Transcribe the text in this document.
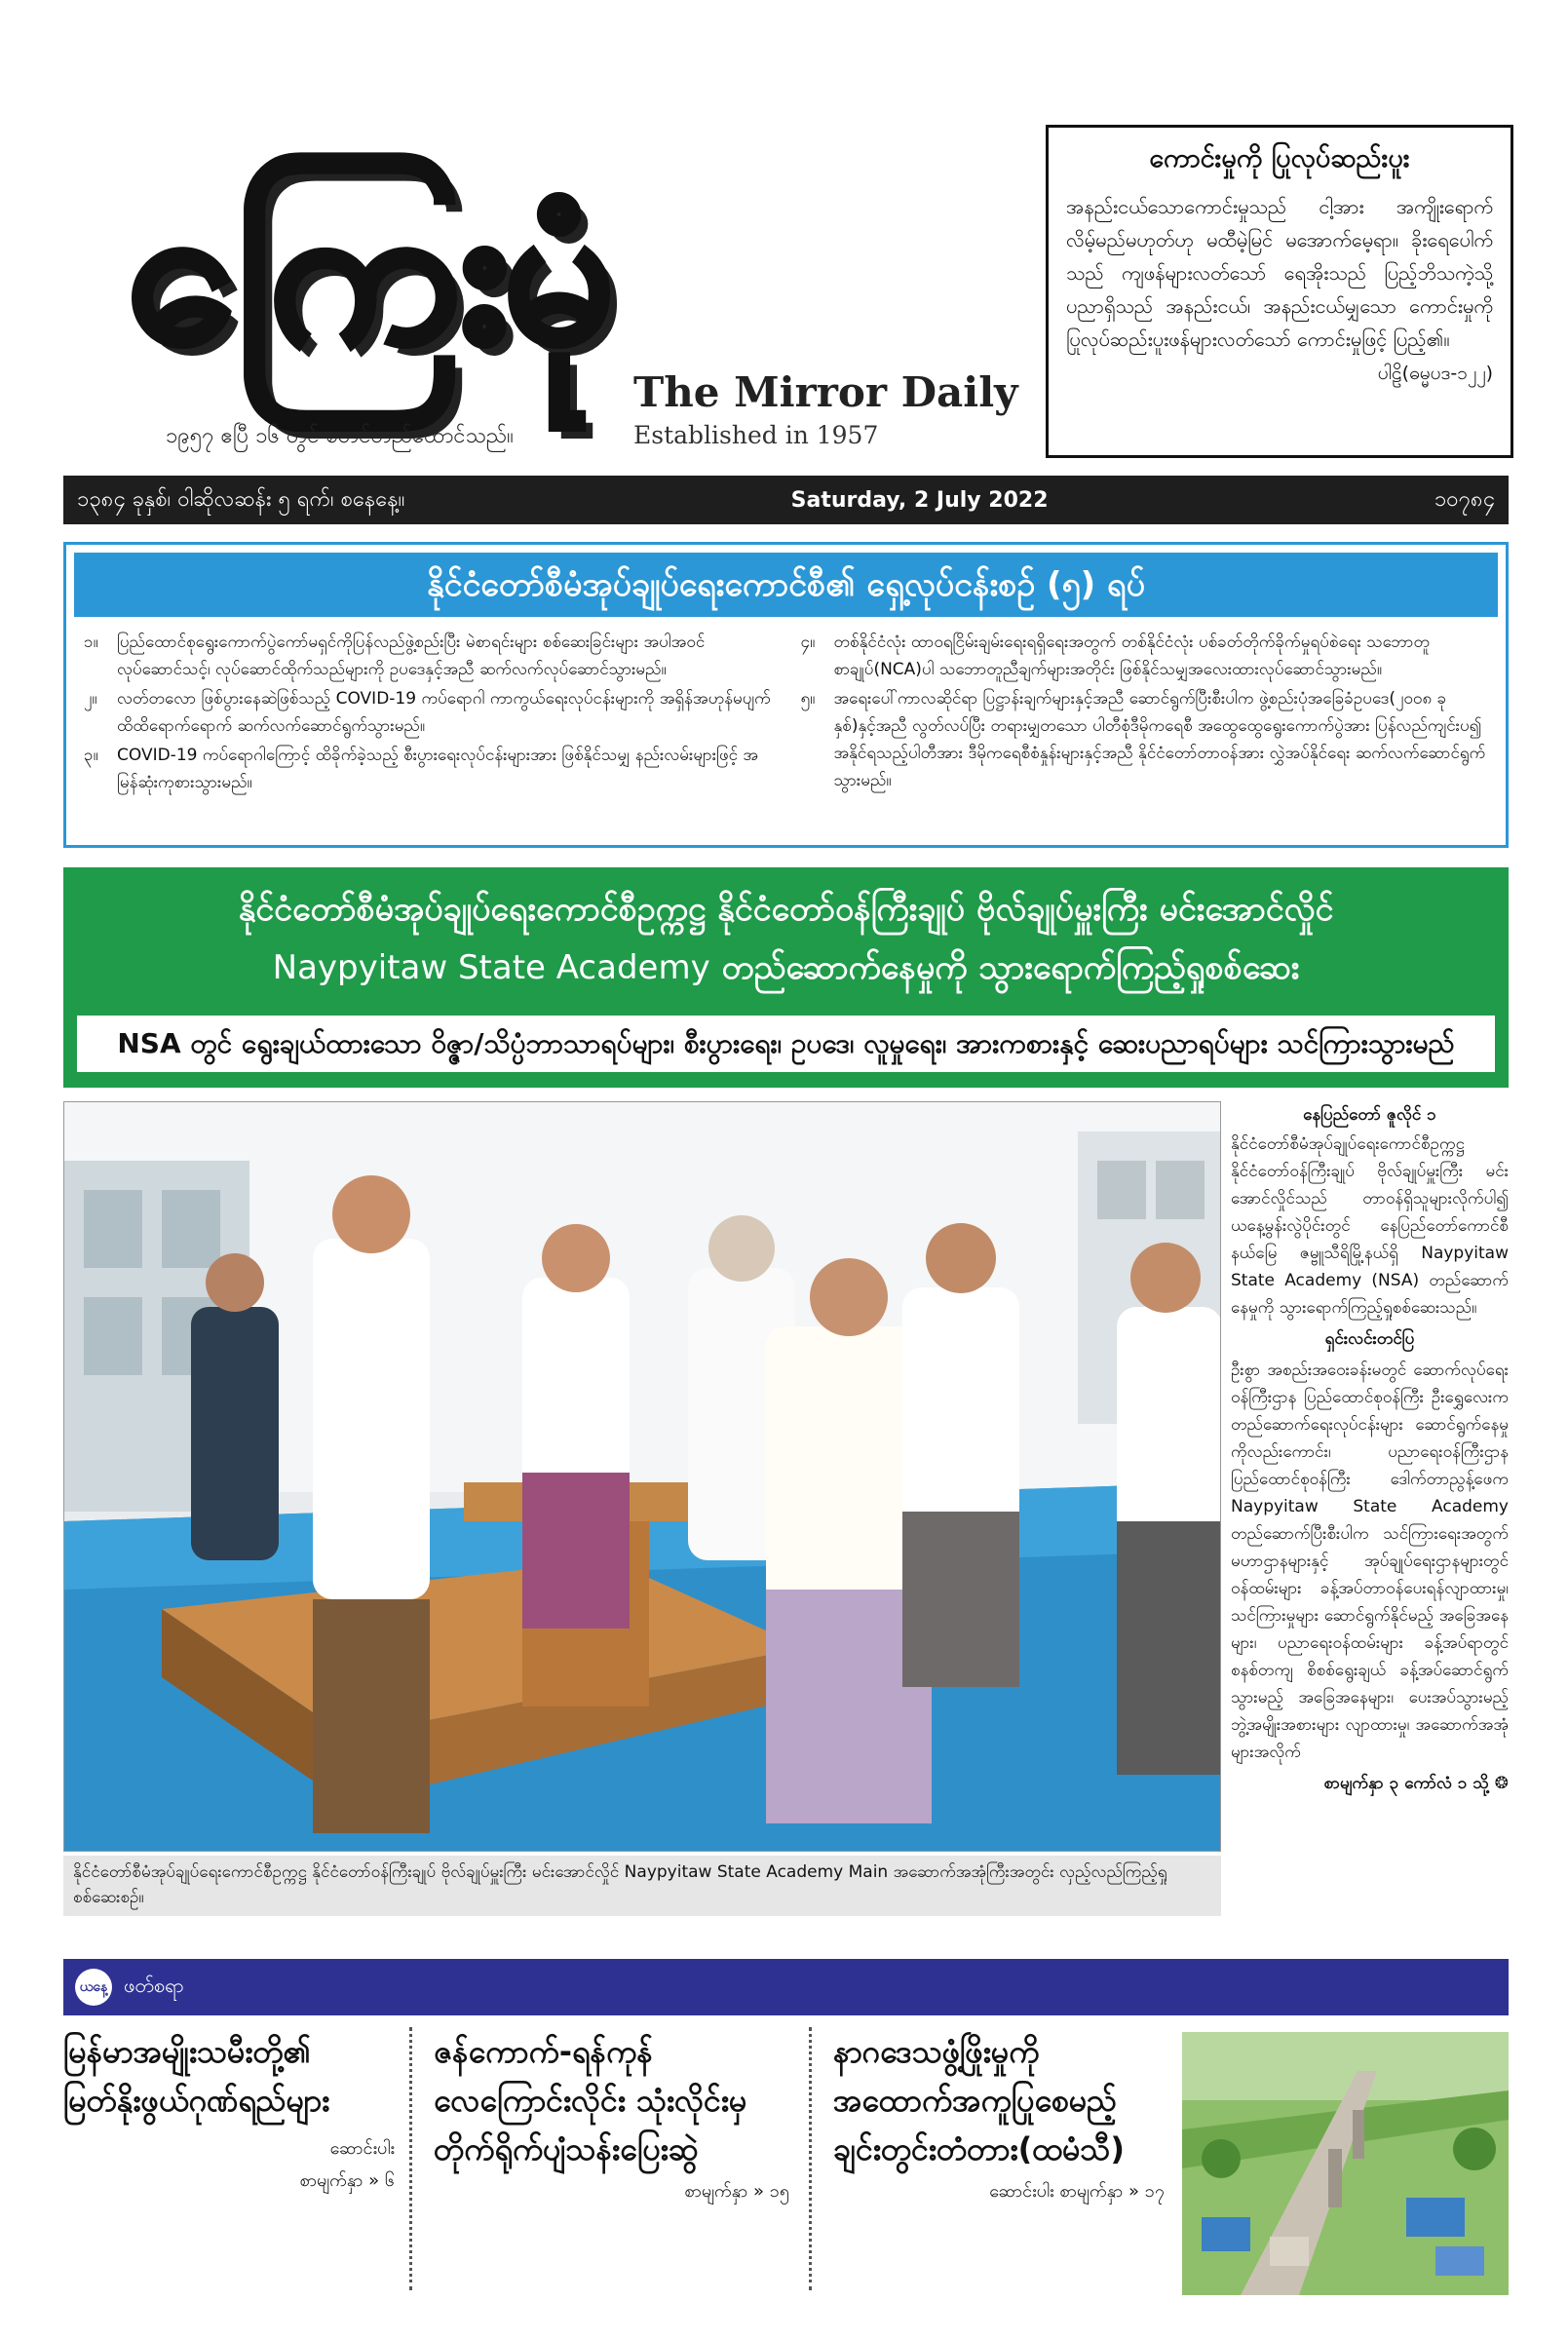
ကြေးမုံ
The Mirror Daily
Established in 1957
၁၉၅၇ ဧပြီ ၁၆ တွင် စတင်တည်ထောင်သည်။
ကောင်းမှုကို ပြုလုပ်ဆည်းပူး
အနည်းငယ်သောကောင်းမှုသည် ငါ့အား အကျိုးရောက်လိမ့်မည်မဟုတ်ဟု မထီမဲ့မြင် မအောက်မေ့ရာ။ ခိုးရေပေါက်သည် ကျဖန်များလတ်သော် ရေအိုးသည် ပြည့်ဘိသကဲ့သို့ ပညာရှိသည် အနည်းငယ်၊ အနည်းငယ်မျှသော ကောင်းမှုကို ပြုလုပ်ဆည်းပူးဖန်များလတ်သော် ကောင်းမှုဖြင့် ပြည့်၏။
ပါဠိ(ဓမ္မပဒ-၁၂၂)
၁၃၈၄ ခုနှစ်၊ ဝါဆိုလဆန်း ၅ ရက်၊ စနေနေ့။	Saturday, 2 July 2022	၁၀၇၈၄
နိုင်ငံတော်စီမံအုပ်ချုပ်ရေးကောင်စီ၏ ရှေ့လုပ်ငန်းစဉ် (၅) ရပ်
၁။	ပြည်ထောင်စုရွေးကောက်ပွဲကော်မရှင်ကိုပြန်လည်ဖွဲ့စည်းပြီး မဲစာရင်းများ စစ်ဆေးခြင်းများ အပါအဝင် လုပ်ဆောင်သင့်၊ လုပ်ဆောင်ထိုက်သည်များကို ဥပဒေနှင့်အညီ ဆက်လက်လုပ်ဆောင်သွားမည်။
၂။	လတ်တလော ဖြစ်ပွားနေဆဲဖြစ်သည့် COVID-19 ကပ်ရောဂါ ကာကွယ်ရေးလုပ်ငန်းများကို အရှိန်အဟုန်မပျက် ထိထိရောက်ရောက် ဆက်လက်ဆောင်ရွက်သွားမည်။
၃။	COVID-19 ကပ်ရောဂါကြောင့် ထိခိုက်ခဲ့သည့် စီးပွားရေးလုပ်ငန်းများအား ဖြစ်နိုင်သမျှ နည်းလမ်းများဖြင့် အမြန်ဆုံးကုစားသွားမည်။
၄။	တစ်နိုင်ငံလုံး ထာဝရငြိမ်းချမ်းရေးရရှိရေးအတွက် တစ်နိုင်ငံလုံး ပစ်ခတ်တိုက်ခိုက်မှုရပ်စဲရေး သဘောတူစာချုပ်(NCA)ပါ သဘောတူညီချက်များအတိုင်း ဖြစ်နိုင်သမျှအလေးထားလုပ်ဆောင်သွားမည်။
၅။	အရေးပေါ်ကာလဆိုင်ရာ ပြဋ္ဌာန်းချက်များနှင့်အညီ ဆောင်ရွက်ပြီးစီးပါက ဖွဲ့စည်းပုံအခြေခံဥပဒေ(၂၀၀၈ ခုနှစ်)နှင့်အညီ လွတ်လပ်ပြီး တရားမျှတသော ပါတီစုံဒီမိုကရေစီ အထွေထွေရွေးကောက်ပွဲအား ပြန်လည်ကျင်းပ၍ အနိုင်ရသည့်ပါတီအား ဒီမိုကရေစီစံနှုန်းများနှင့်အညီ နိုင်ငံတော်တာဝန်အား လွှဲအပ်နိုင်ရေး ဆက်လက်ဆောင်ရွက်သွားမည်။
နိုင်ငံတော်စီမံအုပ်ချုပ်ရေးကောင်စီဥက္ကဋ္ဌ နိုင်ငံတော်ဝန်ကြီးချုပ် ဗိုလ်ချုပ်မှူးကြီး မင်းအောင်လှိုင်
Naypyitaw State Academy တည်ဆောက်နေမှုကို သွားရောက်ကြည့်ရှုစစ်ဆေး
NSA တွင် ရွေးချယ်ထားသော ဝိဇ္ဇာ/သိပ္ပံဘာသာရပ်များ၊ စီးပွားရေး၊ ဥပဒေ၊ လူမှုရေး၊ အားကစားနှင့် ဆေးပညာရပ်များ သင်ကြားသွားမည်
နိုင်ငံတော်စီမံအုပ်ချုပ်ရေးကောင်စီဥက္ကဋ္ဌ နိုင်ငံတော်ဝန်ကြီးချုပ် ဗိုလ်ချုပ်မှူးကြီး မင်းအောင်လှိုင် Naypyitaw State Academy Main အဆောက်အအုံကြီးအတွင်း လှည့်လည်ကြည့်ရှုစစ်ဆေးစဉ်။
နေပြည်တော် ဇူလိုင် ၁
နိုင်ငံတော်စီမံအုပ်ချုပ်ရေးကောင်စီဥက္ကဋ္ဌ နိုင်ငံတော်ဝန်ကြီးချုပ် ဗိုလ်ချုပ်မှူးကြီး မင်းအောင်လှိုင်သည် တာဝန်ရှိသူများလိုက်ပါ၍ ယနေ့မွန်းလွဲပိုင်းတွင် နေပြည်တော်ကောင်စီနယ်မြေ ဇမ္ဗူသီရိမြို့နယ်ရှိ Naypyitaw State Academy (NSA) တည်ဆောက်နေမှုကို သွားရောက်ကြည့်ရှုစစ်ဆေးသည်။
ရှင်းလင်းတင်ပြ
ဦးစွာ အစည်းအဝေးခန်းမတွင် ဆောက်လုပ်ရေးဝန်ကြီးဌာန ပြည်ထောင်စုဝန်ကြီး ဦးရွှေလေးက တည်ဆောက်ရေးလုပ်ငန်းများ ဆောင်ရွက်နေမှုကိုလည်းကောင်း၊ ပညာရေးဝန်ကြီးဌာန ပြည်ထောင်စုဝန်ကြီး ဒေါက်တာညွန့်ဖေက Naypyitaw State Academy တည်ဆောက်ပြီးစီးပါက သင်ကြားရေးအတွက် မဟာဌာနများနှင့် အုပ်ချုပ်ရေးဌာနများတွင် ဝန်ထမ်းများ ခန့်အပ်တာဝန်ပေးရန်လျာထားမှု၊ သင်ကြားမှုများ ဆောင်ရွက်နိုင်မည့် အခြေအနေများ၊ ပညာရေးဝန်ထမ်းများ ခန့်အပ်ရာတွင် စနစ်တကျ စိစစ်ရွေးချယ် ခန့်အပ်ဆောင်ရွက်သွားမည့် အခြေအနေများ၊ ပေးအပ်သွားမည့် ဘွဲ့အမျိုးအစားများ လျာထားမှု၊ အဆောက်အအုံများအလိုက်
စာမျက်နှာ ၃ ကော်လံ ၁ သို့ ❂
ယနေ့ ဖတ်စရာ
မြန်မာအမျိုးသမီးတို့၏ မြတ်နိုးဖွယ်ဂုဏ်ရည်များ
ဆောင်းပါး
စာမျက်နှာ » ၆
ဇန်ကောက်-ရန်ကုန် လေကြောင်းလိုင်း သုံးလိုင်းမှ တိုက်ရိုက်ပျံသန်းပြေးဆွဲ
စာမျက်နှာ » ၁၅
နာဂဒေသဖွံ့ဖြိုးမှုကို အထောက်အကူပြုစေမည့် ချင်းတွင်းတံတား(ထမံသီ)
ဆောင်းပါး စာမျက်နှာ » ၁၇
